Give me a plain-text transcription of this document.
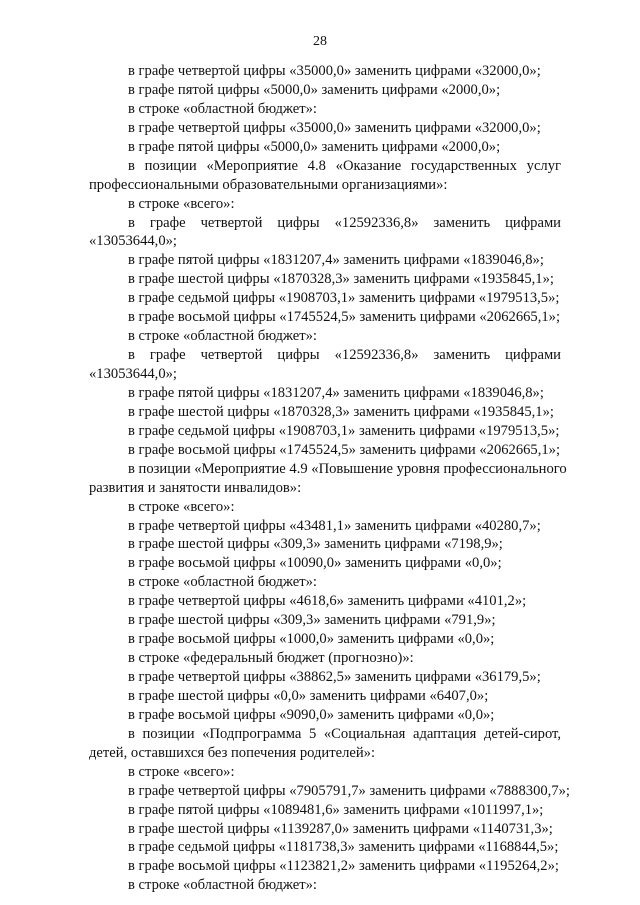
28
в графе четвертой цифры «35000,0» заменить цифрами «32000,0»;
в графе пятой цифры «5000,0» заменить цифрами «2000,0»;
в строке «областной бюджет»:
в графе четвертой цифры «35000,0» заменить цифрами «32000,0»;
в графе пятой цифры «5000,0» заменить цифрами «2000,0»;
в позиции «Мероприятие 4.8 «Оказание государственных услуг
профессиональными образовательными организациями»:
в строке «всего»:
в графе четвертой цифры «12592336,8» заменить цифрами
«13053644,0»;
в графе пятой цифры «1831207,4» заменить цифрами «1839046,8»;
в графе шестой цифры «1870328,3» заменить цифрами «1935845,1»;
в графе седьмой цифры «1908703,1» заменить цифрами «1979513,5»;
в графе восьмой цифры «1745524,5» заменить цифрами «2062665,1»;
в строке «областной бюджет»:
в графе четвертой цифры «12592336,8» заменить цифрами
«13053644,0»;
в графе пятой цифры «1831207,4» заменить цифрами «1839046,8»;
в графе шестой цифры «1870328,3» заменить цифрами «1935845,1»;
в графе седьмой цифры «1908703,1» заменить цифрами «1979513,5»;
в графе восьмой цифры «1745524,5» заменить цифрами «2062665,1»;
в позиции «Мероприятие 4.9 «Повышение уровня профессионального
развития и занятости инвалидов»:
в строке «всего»:
в графе четвертой цифры «43481,1» заменить цифрами «40280,7»;
в графе шестой цифры «309,3» заменить цифрами «7198,9»;
в графе восьмой цифры «10090,0» заменить цифрами «0,0»;
в строке «областной бюджет»:
в графе четвертой цифры «4618,6» заменить цифрами «4101,2»;
в графе шестой цифры «309,3» заменить цифрами «791,9»;
в графе восьмой цифры «1000,0» заменить цифрами «0,0»;
в строке «федеральный бюджет (прогнозно)»:
в графе четвертой цифры «38862,5» заменить цифрами «36179,5»;
в графе шестой цифры «0,0» заменить цифрами «6407,0»;
в графе восьмой цифры «9090,0» заменить цифрами «0,0»;
в позиции «Подпрограмма 5 «Социальная адаптация детей-сирот,
детей, оставшихся без попечения родителей»:
в строке «всего»:
в графе четвертой цифры «7905791,7» заменить цифрами «7888300,7»;
в графе пятой цифры «1089481,6» заменить цифрами «1011997,1»;
в графе шестой цифры «1139287,0» заменить цифрами «1140731,3»;
в графе седьмой цифры «1181738,3» заменить цифрами «1168844,5»;
в графе восьмой цифры «1123821,2» заменить цифрами «1195264,2»;
в строке «областной бюджет»:
